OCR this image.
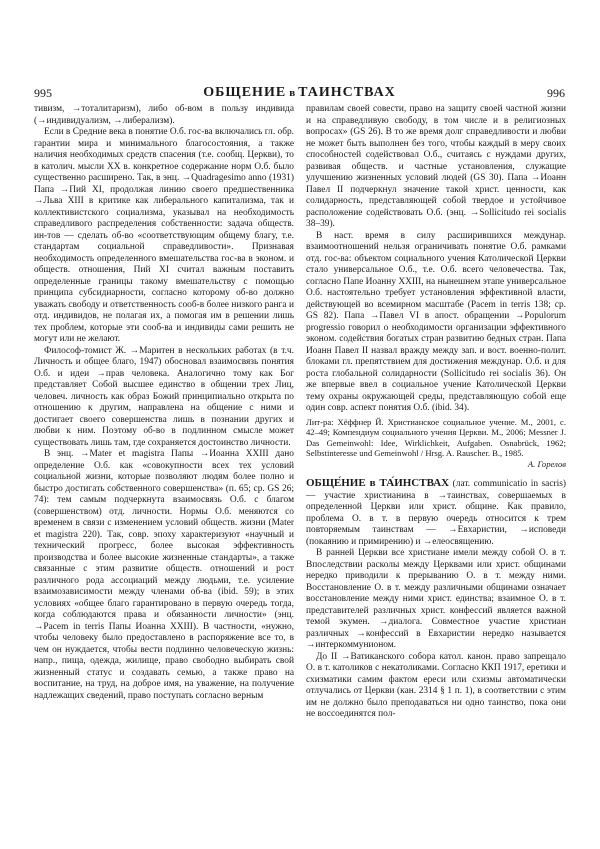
995	ОБЩЕНИЕ в ТАИНСТВАХ	996

тивизм, →тоталитаризм), либо об-вом в пользу индивида (→индивидуализм, →либерализм).

Если в Средние века в понятие О.б. гос-ва включались гл. обр. гарантии мира и минимального благосостояния, а также наличия необходимых средств спасения (т.е. сообщ. Церкви), то в католич. мысли XX в. конкретное содержание норм О.б. было существенно расширено. Так, в энц. →Quadragesimo anno (1931) Папа →Пий XI, продолжая линию своего предшественника →Льва XIII в критике как либерального капитализма, так и коллективистского социализма, указывал на необходимость справедливого распределения собственности: задача обществ. ин-тов — сделать об-во «соответствующим общему благу, т.е. стандартам социальной справедливости». Признавая необходимость определенного вмешательства гос-ва в эконом. и обществ. отношения, Пий XI считал важным поставить определенные границы такому вмешательству с помощью принципа субсидиарности, согласно которому об-во должно уважать свободу и ответственность сооб-в более низкого ранга и отд. индивидов, не полагая их, а помогая им в решении лишь тех проблем, которые эти сооб-ва и индивиды сами решить не могут или не желают.

Философ-томист Ж. →Маритен в нескольких работах (в т.ч. Личность и общее благо, 1947) обосновал взаимосвязь понятия О.б. и идеи →прав человека. Аналогично тому как Бог представляет Собой высшее единство в общении трех Лиц, человеч. личность как образ Божий принципиально открыта по отношению к другим, направлена на общение с ними и достигает своего совершенства лишь в познании других и любви к ним. Поэтому об-во в подлинном смысле может существовать лишь там, где сохраняется достоинство личности.

В энц. →Mater et magistra Папы →Иоанна XXIII дано определение О.б. как «совокупности всех тех условий социальной жизни, которые позволяют людям более полно и быстро достигать собственного совершенства» (п. 65; ср. GS 26; 74): тем самым подчеркнута взаимосвязь О.б. с благом (совершенством) отд. личности. Нормы О.б. меняются со временем в связи с изменением условий обществ. жизни (Mater et magistra 220). Так, совр. эпоху характеризуют «научный и технический прогресс, более высокая эффективность производства и более высокие жизненные стандарты», а также связанные с этим развитие обществ. отношений и рост различного рода ассоциаций между людьми, т.е. усиление взаимозависимости между членами об-ва (ibid. 59); в этих условиях «общее благо гарантировано в первую очередь тогда, когда соблюдаются права и обязанности личности» (энц. →Pacem in terris Папы Иоанна XXIII). В частности, «нужно, чтобы человеку было предоставлено в распоряжение все то, в чем он нуждается, чтобы вести подлинно человеческую жизнь: напр., пища, одежда, жилище, право свободно выбирать свой жизненный статус и создавать семью, а также право на воспитание, на труд, на доброе имя, на уважение, на получение надлежащих сведений, право поступать согласно верным

правилам своей совести, право на защиту своей частной жизни и на справедливую свободу, в том числе и в религиозных вопросах» (GS 26). В то же время долг справедливости и любви не может быть выполнен без того, чтобы каждый в меру своих способностей содействовал О.б., считаясь с нуждами других, развивая обществ. и частные установления, служащие улучшению жизненных условий людей (GS 30). Папа →Иоанн Павел II подчеркнул значение такой христ. ценности, как солидарность, представляющей собой твердое и устойчивое расположение содействовать О.б. (энц. →Sollicitudo rei socialis 38–39).

В наст. время в силу расширившихся междунар. взаимоотношений нельзя ограничивать понятие О.б. рамками отд. гос-ва: объектом социального учения Католической Церкви стало универсальное О.б., т.е. О.б. всего человечества. Так, согласно Папе Иоанну XXIII, на нынешнем этапе универсальное О.б. настоятельно требует установления эффективной власти, действующей во всемирном масштабе (Pacem in terris 138; ср. GS 82). Папа →Павел VI в апост. обращении →Populorum progressio говорил о необходимости организации эффективного эконом. содействия богатых стран развитию бедных стран. Папа Иоанн Павел II назвал вражду между зап. и вост. военно-полит. блоками гл. препятствием для достижения междунар. О.б. и для роста глобальной солидарности (Sollicitudo rei socialis 36). Он же впервые ввел в социальное учение Католической Церкви тему охраны окружающей среды, представляющую собой еще один совр. аспект понятия О.б. (ibid. 34).

Лит-ра: Хёффнер Й. Христианское социальное учение. М., 2001, с. 42–49; Компендиум социального учения Церкви. М., 2006; Messner J. Das Gemeinwohl: Idee, Wirklichkeit, Aufgaben. Osnabrück, 1962; Selbstinteresse und Gemeinwohl / Hrsg. A. Rauscher. B., 1985.

А. Горелов

ОБЩЕ́НИЕ в ТА́ИНСТВАХ (лат. communicatio in sacris) — участие христианина в →таинствах, совершаемых в определенной Церкви или христ. общине. Как правило, проблема О. в т. в первую очередь относится к трем повторяемым таинствам — →Евхаристии, →исповеди (покаянию и примирению) и →елеосвящению.

В ранней Церкви все христиане имели между собой О. в т. Впоследствии расколы между Церквами или христ. общинами нередко приводили к прерыванию О. в т. между ними. Восстановление О. в т. между различными общинами означает восстановление между ними христ. единства; взаимное О. в т. представителей различных христ. конфессий является важной темой экумен. →диалога. Совместное участие христиан различных →конфессий в Евхаристии нередко называется →интеркоммунионом.

До II →Ватиканского собора катол. канон. право запрещало О. в т. католиков с некатоликами. Согласно ККП 1917, еретики и схизматики самим фактом ереси или схизмы автоматически отлучались от Церкви (кан. 2314 § 1 п. 1), в соответствии с этим им не должно было преподаваться ни одно таинство, пока они не воссоединятся пол-
